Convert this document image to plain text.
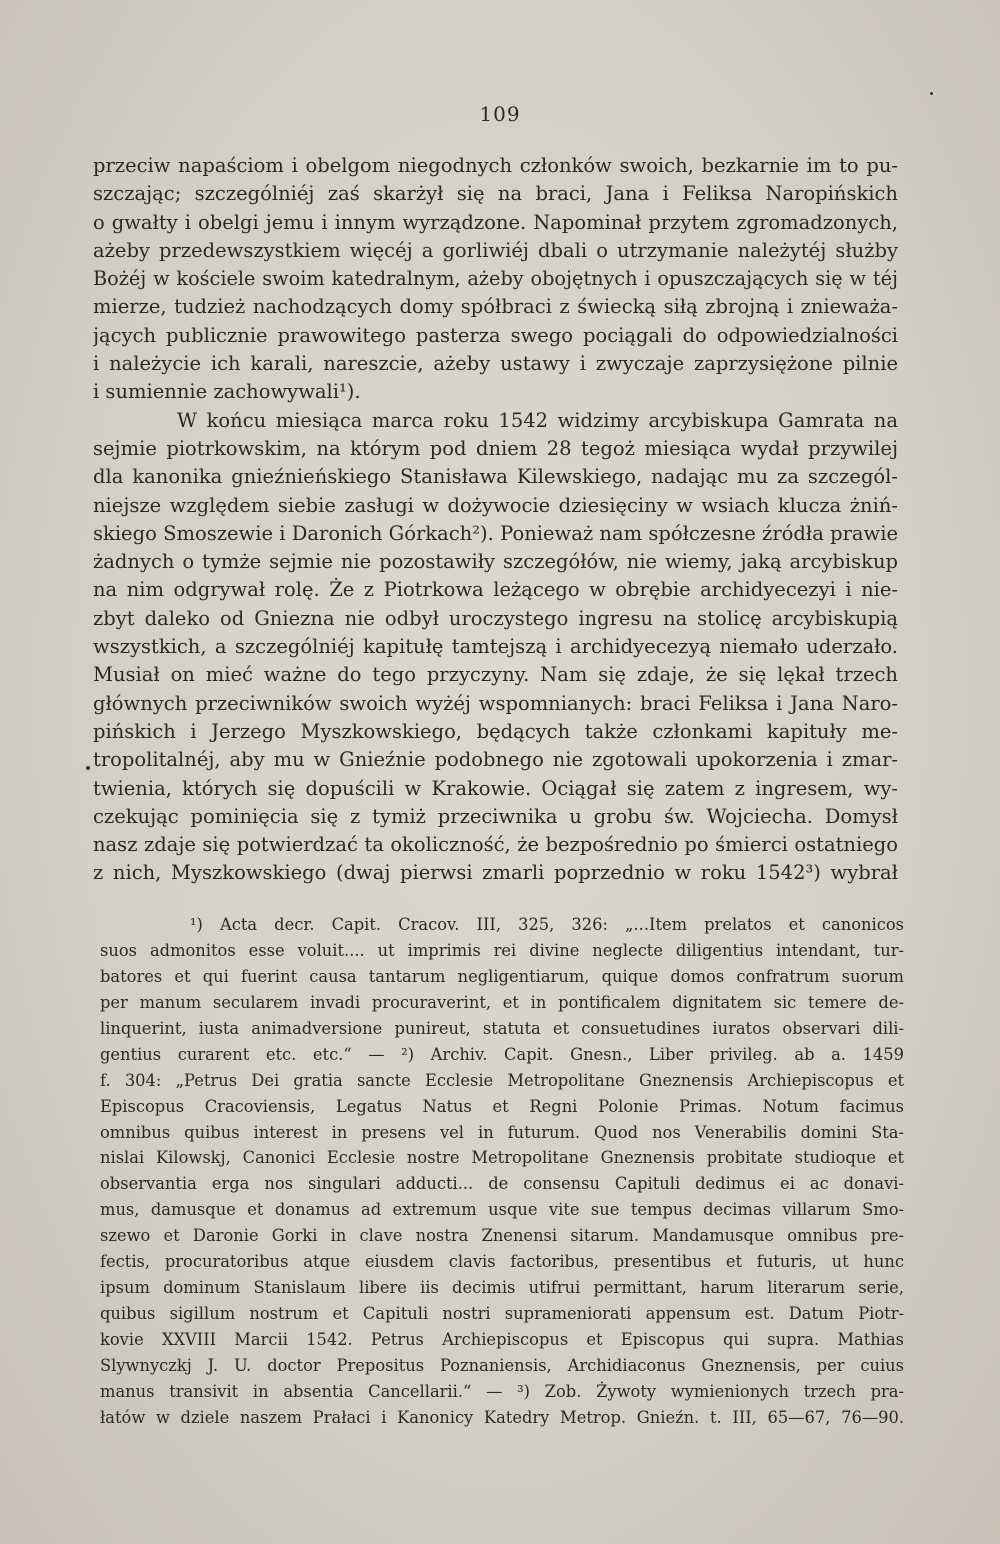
109
przeciw napaściom i obelgom niegodnych członków swoich, bezkarnie im to pu-
szczając; szczególniéj zaś skarżył się na braci, Jana i Feliksa Naropińskich
o gwałty i obelgi jemu i innym wyrządzone. Napominał przytem zgromadzonych,
ażeby przedewszystkiem więcéj a gorliwiéj dbali o utrzymanie należytéj służby
Bożéj w kościele swoim katedralnym, ażeby obojętnych i opuszczających się w téj
mierze, tudzież nachodzących domy spółbraci z świecką siłą zbrojną i znieważa-
jących publicznie prawowitego pasterza swego pociągali do odpowiedzialności
i należycie ich karali, nareszcie, ażeby ustawy i zwyczaje zaprzysiężone pilnie
i sumiennie zachowywali¹).
W końcu miesiąca marca roku 1542 widzimy arcybiskupa Gamrata na
sejmie piotrkowskim, na którym pod dniem 28 tegoż miesiąca wydał przywilej
dla kanonika gnieźnieńskiego Stanisława Kilewskiego, nadając mu za szczegól-
niejsze względem siebie zasługi w dożywocie dziesięciny w wsiach klucza żniń-
skiego Smoszewie i Daronich Górkach²). Ponieważ nam spółczesne źródła prawie
żadnych o tymże sejmie nie pozostawiły szczegółów, nie wiemy, jaką arcybiskup
na nim odgrywał rolę. Że z Piotrkowa leżącego w obrębie archidyecezyi i nie-
zbyt daleko od Gniezna nie odbył uroczystego ingresu na stolicę arcybiskupią
wszystkich, a szczególniéj kapitułę tamtejszą i archidyecezyą niemało uderzało.
Musiał on mieć ważne do tego przyczyny. Nam się zdaje, że się lękał trzech
głównych przeciwników swoich wyżéj wspomnianych: braci Feliksa i Jana Naro-
pińskich i Jerzego Myszkowskiego, będących także członkami kapituły me-
tropolitalnéj, aby mu w Gnieźnie podobnego nie zgotowali upokorzenia i zmar-
twienia, których się dopuścili w Krakowie. Ociągał się zatem z ingresem, wy-
czekując pominięcia się z tymiż przeciwnika u grobu św. Wojciecha. Domysł
nasz zdaje się potwierdzać ta okoliczność, że bezpośrednio po śmierci ostatniego
z nich, Myszkowskiego (dwaj pierwsi zmarli poprzednio w roku 1542³) wybrał
¹) Acta decr. Capit. Cracov. III, 325, 326: „...Item prelatos et canonicos
suos admonitos esse voluit.... ut imprimis rei divine neglecte diligentius intendant, tur-
batores et qui fuerint causa tantarum negligentiarum, quique domos confratrum suorum
per manum secularem invadi procuraverint, et in pontificalem dignitatem sic temere de-
linquerint, iusta animadversione punireut, statuta et consuetudines iuratos observari dili-
gentius curarent etc. etc.“ — ²) Archiv. Capit. Gnesn., Liber privileg. ab a. 1459
f. 304: „Petrus Dei gratia sancte Ecclesie Metropolitane Gneznensis Archiepiscopus et
Episcopus Cracoviensis, Legatus Natus et Regni Polonie Primas. Notum facimus
omnibus quibus interest in presens vel in futurum. Quod nos Venerabilis domini Sta-
nislai Kilowskj, Canonici Ecclesie nostre Metropolitane Gneznensis probitate studioque et
observantia erga nos singulari adducti... de consensu Capituli dedimus ei ac donavi-
mus, damusque et donamus ad extremum usque vite sue tempus decimas villarum Smo-
szewo et Daronie Gorki in clave nostra Znenensi sitarum. Mandamusque omnibus pre-
fectis, procuratoribus atque eiusdem clavis factoribus, presentibus et futuris, ut hunc
ipsum dominum Stanislaum libere iis decimis utifrui permittant, harum literarum serie,
quibus sigillum nostrum et Capituli nostri suprameniorati appensum est. Datum Piotr-
kovie XXVIII Marcii 1542. Petrus Archiepiscopus et Episcopus qui supra. Mathias
Slywnyczkj J. U. doctor Prepositus Poznaniensis, Archidiaconus Gneznensis, per cuius
manus transivit in absentia Cancellarii.“ — ³) Zob. Żywoty wymienionych trzech pra-
łatów w dziele naszem Prałaci i Kanonicy Katedry Metrop. Gnieźn. t. III, 65—67, 76—90.
